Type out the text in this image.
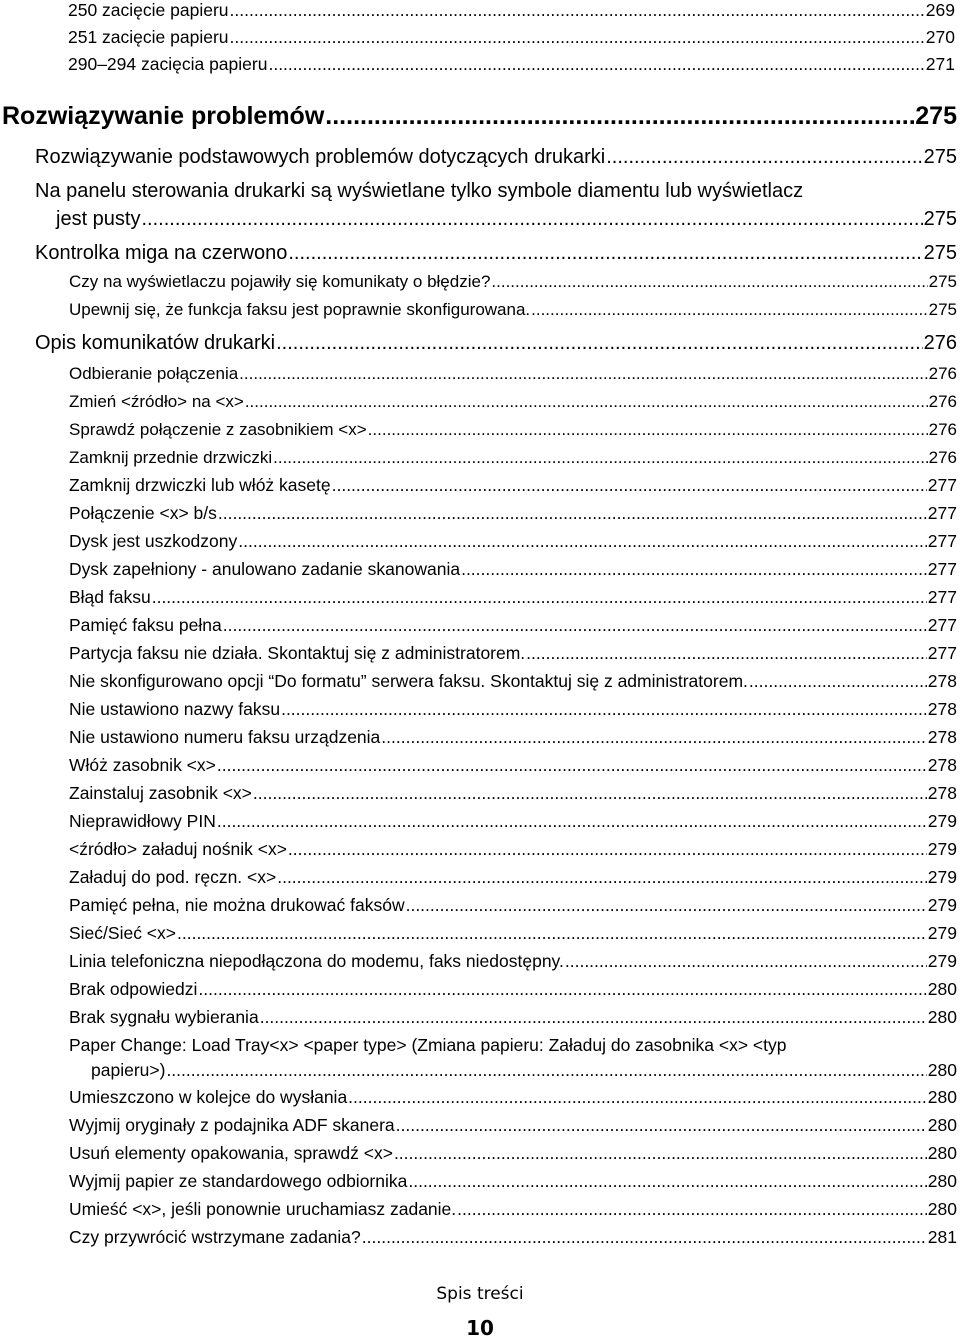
250 zacięcie papieru .....	269
251 zacięcie papieru .....	270
290–294 zacięcia papieru .....	271
Rozwiązywanie problemów .....	275
Rozwiązywanie podstawowych problemów dotyczących drukarki .....	275
Na panelu sterowania drukarki są wyświetlane tylko symbole diamentu lub wyświetlacz
jest pusty .....	275
Kontrolka miga na czerwono .....	275
Czy na wyświetlaczu pojawiły się komunikaty o błędzie? .....	275
Upewnij się, że funkcja faksu jest poprawnie skonfigurowana. .....	275
Opis komunikatów drukarki .....	276
Odbieranie połączenia .....	276
Zmień <źródło> na <x> .....	276
Sprawdź połączenie z zasobnikiem <x> .....	276
Zamknij przednie drzwiczki .....	276
Zamknij drzwiczki lub włóż kasetę .....	277
Połączenie <x> b/s .....	277
Dysk jest uszkodzony .....	277
Dysk zapełniony - anulowano zadanie skanowania .....	277
Błąd faksu .....	277
Pamięć faksu pełna .....	277
Partycja faksu nie działa. Skontaktuj się z administratorem. .....	277
Nie skonfigurowano opcji “Do formatu” serwera faksu. Skontaktuj się z administratorem. .....	278
Nie ustawiono nazwy faksu .....	278
Nie ustawiono numeru faksu urządzenia .....	278
Włóż zasobnik <x> .....	278
Zainstaluj zasobnik <x> .....	278
Nieprawidłowy PIN .....	279
<źródło> załaduj nośnik <x> .....	279
Załaduj do pod. ręczn. <x> .....	279
Pamięć pełna, nie można drukować faksów .....	279
Sieć/Sieć <x> .....	279
Linia telefoniczna niepodłączona do modemu, faks niedostępny. .....	279
Brak odpowiedzi .....	280
Brak sygnału wybierania .....	280
Paper Change: Load Tray<x> <paper type> (Zmiana papieru: Załaduj do zasobnika <x> <typ
papieru>) .....	280
Umieszczono w kolejce do wysłania .....	280
Wyjmij oryginały z podajnika ADF skanera .....	280
Usuń elementy opakowania, sprawdź <x> .....	280
Wyjmij papier ze standardowego odbiornika .....	280
Umieść <x>, jeśli ponownie uruchamiasz zadanie. .....	280
Czy przywrócić wstrzymane zadania? .....	281
Spis treści
10
